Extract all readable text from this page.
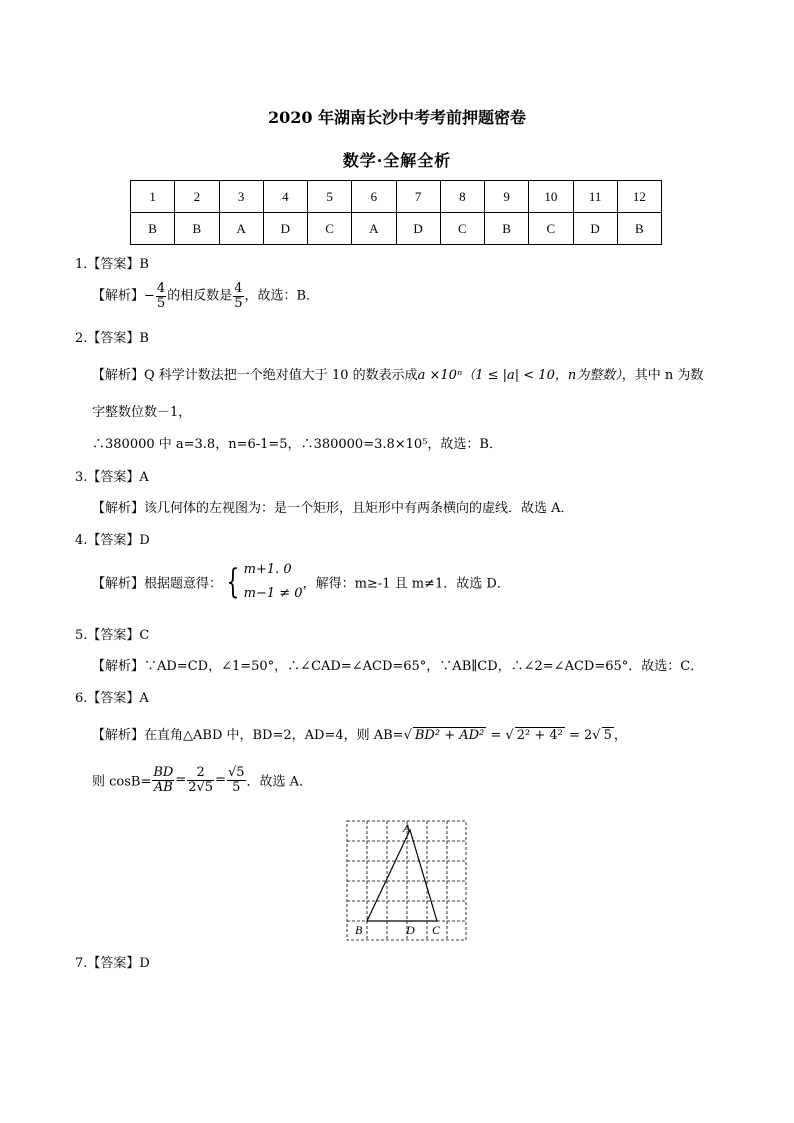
2020 年湖南长沙中考考前押题密卷
数学·全解全析
1	2	3	4	5	6	7	8	9	10	11	12
B	B	A	D	C	A	D	C	B	C	D	B
1.【答案】B
【解析】− $\frac{4}{5}$ 的相反数是 $\frac{4}{5}$ ，故选：B．
2.【答案】B
【解析】Q 科学计数法把一个绝对值大于 10 的数表示成a ×10ⁿ（1 ≤ |a| < 10，n为整数），其中 n 为数
字整数位数－1，
∴380000 中 a=3.8，n=6-1=5，∴380000=3.8×10⁵，故选：B．
3.【答案】A
【解析】该几何体的左视图为：是一个矩形，且矩形中有两条横向的虚线．故选 A．
4.【答案】D
【解析】根据题意得： { m+1. 0
m−1 ≠ 0
，解得：m≥-1 且 m≠1．故选 D．
5.【答案】C
【解析】∵AD=CD，∠1=50°，∴∠CAD=∠ACD=65°，∵AB∥CD，∴∠2=∠ACD=65°．故选：C．
6.【答案】A
【解析】在直角△ABD 中，BD=2，AD=4，则 AB=√ BD² + AD² = √ 2² + 4² = 2√ 5 ，
则 $\cos B= \frac{BD}{AB} = \frac{2}{2√5} = \frac{√5}{5}$ ．故选 A．
A
B	D C
7.【答案】D
